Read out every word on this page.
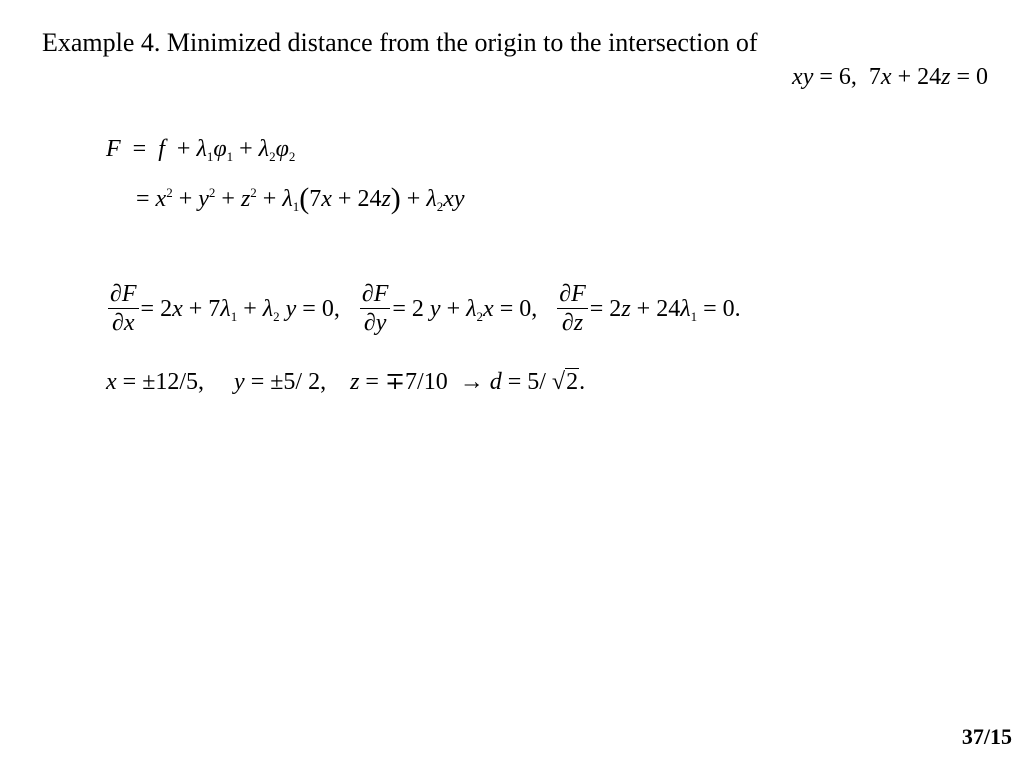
Example 4. Minimized distance from the origin to the intersection of
xy = 6,  7x + 24z = 0
$F = f + \lambda_1\varphi_1 + \lambda_2\varphi_2$
= $x^2 + y^2 + z^2 + \lambda_1(7x + 24z) + \lambda_2xy$
$\frac{\partial F}{\partial x} = 2x + 7\lambda_1 + \lambda_2$ y = 0, $\frac{\partial F}{\partial y} = 2$ $y + \lambda_2x = 0$, $\frac{\partial F}{\partial z} = 2z + 24\lambda_1 = 0$.
x = ±12/5,     y = ±5/ 2,    z = ∓7/10  → d = 5/ √2.
37/15
